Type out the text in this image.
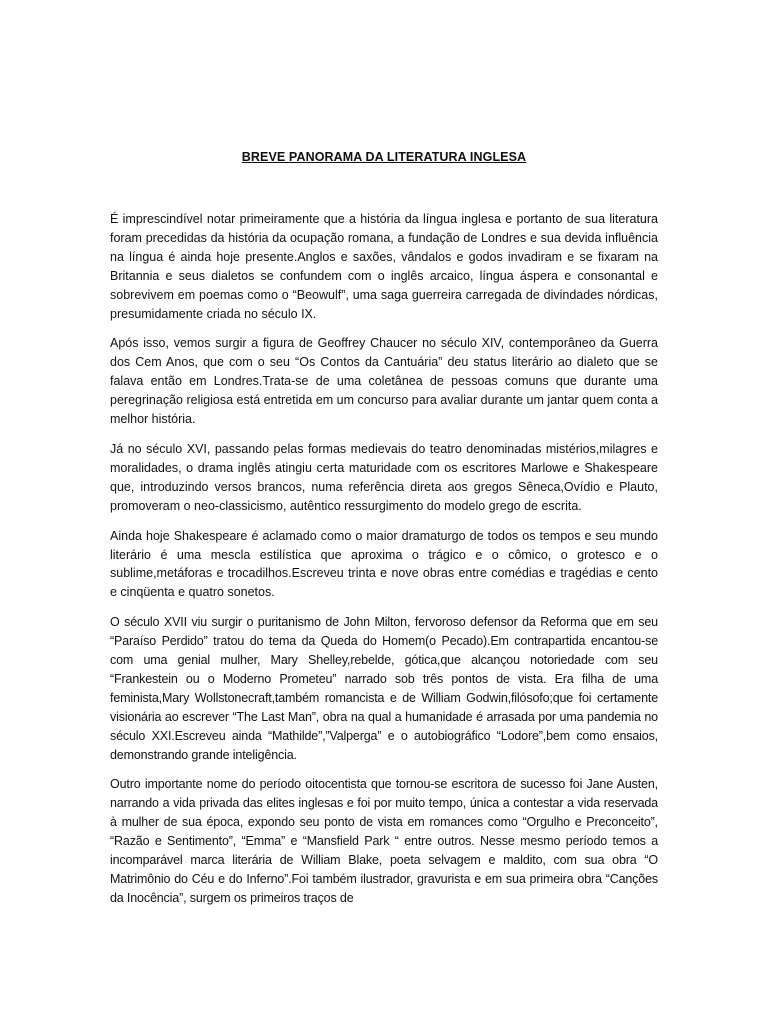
BREVE PANORAMA DA LITERATURA INGLESA

É imprescindível notar primeiramente que a história da língua inglesa e portanto de sua literatura foram precedidas da história da ocupação romana, a fundação de Londres e sua devida influência na língua é ainda hoje presente.Anglos e saxões, vândalos e godos invadiram e se fixaram na Britannia e seus dialetos se confundem com o inglês arcaico, língua áspera e consonantal e sobrevivem em poemas como o “Beowulf”, uma saga guerreira carregada de divindades nórdicas, presumidamente criada no século IX.

Após isso, vemos surgir a figura de Geoffrey Chaucer no século XIV, contemporâneo da Guerra dos Cem Anos, que com o seu “Os Contos da Cantuária” deu status literário ao dialeto que se falava então em Londres.Trata-se de uma coletânea de pessoas comuns que durante uma peregrinação religiosa está entretida em um concurso para avaliar durante um jantar quem conta a melhor história.

Já no século XVI, passando pelas formas medievais do teatro denominadas mistérios,milagres e moralidades, o drama inglês atingiu certa maturidade com os escritores Marlowe e Shakespeare que, introduzindo versos brancos, numa referência direta aos gregos Sêneca,Ovídio e Plauto, promoveram o neo-classicismo, autêntico ressurgimento do modelo grego de escrita.

Ainda hoje Shakespeare é aclamado como o maior dramaturgo de todos os tempos e seu mundo literário é uma mescla estilística que aproxima o trágico e o cômico, o grotesco e o sublime,metáforas e trocadilhos.Escreveu trinta e nove obras entre comédias e tragédias e cento e cinqüenta e quatro sonetos.

O século XVII viu surgir o puritanismo de John Milton, fervoroso defensor da Reforma que em seu “Paraíso Perdido” tratou do tema da Queda do Homem(o Pecado).Em contrapartida encantou-se com uma genial mulher, Mary Shelley,rebelde, gótica,que alcançou notoriedade com seu “Frankestein ou o Moderno Prometeu” narrado sob três pontos de vista. Era filha de uma feminista,Mary Wollstonecraft,também romancista e de William Godwin,filósofo;que foi certamente visionária ao escrever “The Last Man”, obra na qual a humanidade é arrasada por uma pandemia no século XXI.Escreveu ainda “Mathilde”,”Valperga” e o autobiográfico “Lodore”,bem como ensaios, demonstrando grande inteligência.

Outro importante nome do período oitocentista que tornou-se escritora de sucesso foi Jane Austen, narrando a vida privada das elites inglesas e foi por muito tempo, única a contestar a vida reservada à mulher de sua época, expondo seu ponto de vista em romances como “Orgulho e Preconceito”, “Razão e Sentimento”, “Emma” e “Mansfield Park “ entre outros. Nesse mesmo período temos a incomparável marca literária de William Blake, poeta selvagem e maldito, com sua obra “O Matrimônio do Céu e do Inferno”.Foi também ilustrador, gravurista e em sua primeira obra “Canções da Inocência”, surgem os primeiros traços de
